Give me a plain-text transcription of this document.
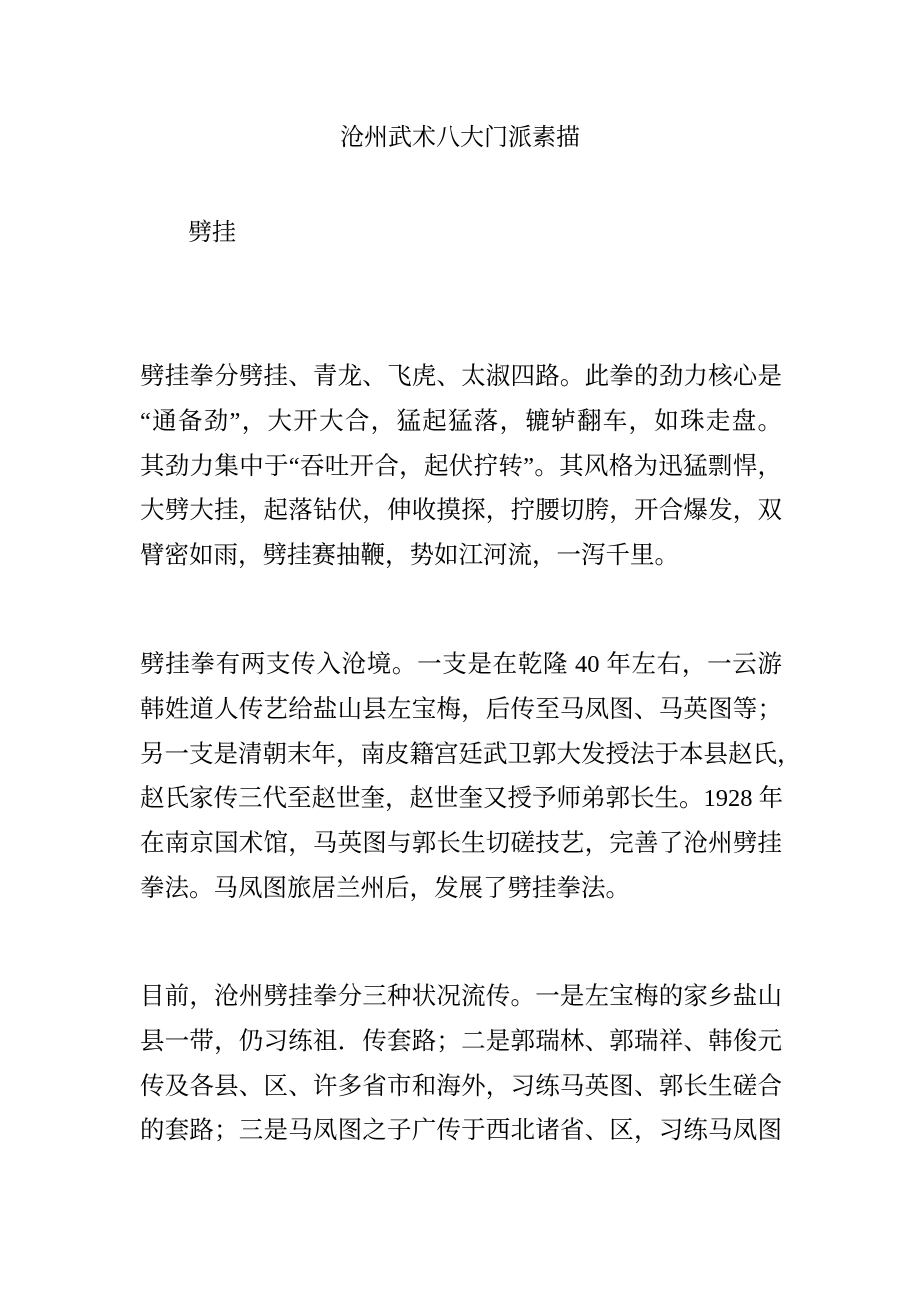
沧州武术八大门派素描
劈挂
劈挂拳分劈挂、青龙、飞虎、太淑四路。此拳的劲力核心是
“通备劲”，大开大合，猛起猛落，辘轳翻车，如珠走盘。
其劲力集中于“吞吐开合，起伏拧转”。其风格为迅猛剽悍，
大劈大挂，起落钻伏，伸收摸探，拧腰切胯，开合爆发，双
臂密如雨，劈挂赛抽鞭，势如江河流，一泻千里。
劈挂拳有两支传入沧境。一支是在乾隆 40 年左右，一云游
韩姓道人传艺给盐山县左宝梅，后传至马凤图、马英图等；
另一支是清朝末年，南皮籍宫廷武卫郭大发授法于本县赵氏，
赵氏家传三代至赵世奎，赵世奎又授予师弟郭长生。1928 年
在南京国术馆，马英图与郭长生切磋技艺，完善了沧州劈挂
拳法。马凤图旅居兰州后，发展了劈挂拳法。
目前，沧州劈挂拳分三种状况流传。一是左宝梅的家乡盐山
县一带，仍习练祖．传套路；二是郭瑞林、郭瑞祥、韩俊元
传及各县、区、许多省市和海外，习练马英图、郭长生磋合
的套路；三是马凤图之子广传于西北诸省、区，习练马凤图
